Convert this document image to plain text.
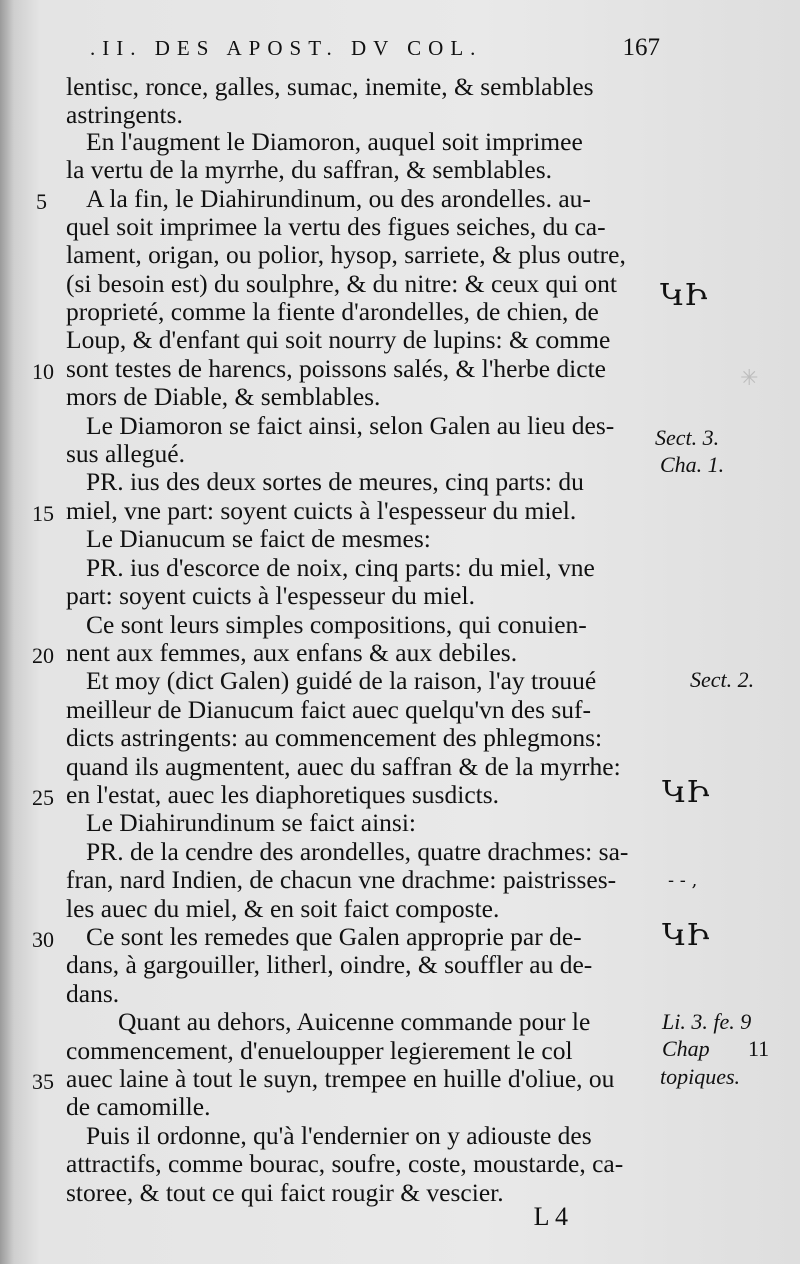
.II. DES APOST. DV COL.	167
✳
lentisc, ronce, galles, sumac, inemite, & semblables
astringents.
En l'augment le Diamoron, auquel soit imprimee
la vertu de la myrrhe, du saffran, & semblables.
A la fin, le Diahirundinum, ou des arondelles. au-
quel soit imprimee la vertu des figues seiches, du ca-
lament, origan, ou polior, hysop, sarriete, & plus outre,
(si besoin est) du soulphre, & du nitre: & ceux qui ont
proprieté, comme la fiente d'arondelles, de chien, de
Loup, & d'enfant qui soit nourry de lupins: & comme
sont testes de harencs, poissons salés, & l'herbe dicte
mors de Diable, & semblables.
Le Diamoron se faict ainsi, selon Galen au lieu des-
sus allegué.
PR. ius des deux sortes de meures, cinq parts: du
miel, vne part: soyent cuicts à l'espesseur du miel.
Le Dianucum se faict de mesmes:
PR. ius d'escorce de noix, cinq parts: du miel, vne
part: soyent cuicts à l'espesseur du miel.
Ce sont leurs simples compositions, qui conuien-
nent aux femmes, aux enfans & aux debiles.
Et moy (dict Galen) guidé de la raison, l'ay trouué
meilleur de Dianucum faict auec quelqu'vn des suf-
dicts astringents: au commencement des phlegmons:
quand ils augmentent, auec du saffran & de la myrrhe:
en l'estat, auec les diaphoretiques susdicts.
Le Diahirundinum se faict ainsi:
PR. de la cendre des arondelles, quatre drachmes: sa-
fran, nard Indien, de chacun vne drachme: paistrisses-
les auec du miel, & en soit faict composte.
Ce sont les remedes que Galen approprie par de-
dans, à gargouiller, litherl, oindre, & souffler au de-
dans.
Quant au dehors, Auicenne commande pour le
commencement, d'enueloupper legierement le col
auec laine à tout le suyn, trempee en huille d'oliue, ou
de camomille.
Puis il ordonne, qu'à l'endernier on y adiouste des
attractifs, comme bourac, soufre, coste, moustarde, ca-
storee, & tout ce qui faict rougir & vescier.
5
10
15
20
25
30
35
Sect. 3.
Cha. 1.
Sect. 2.
Li. 3. fe. 9
Chap 11
topiques.
ԿԻ
ԿԻ
ԿԻ
- - ,
L 4
